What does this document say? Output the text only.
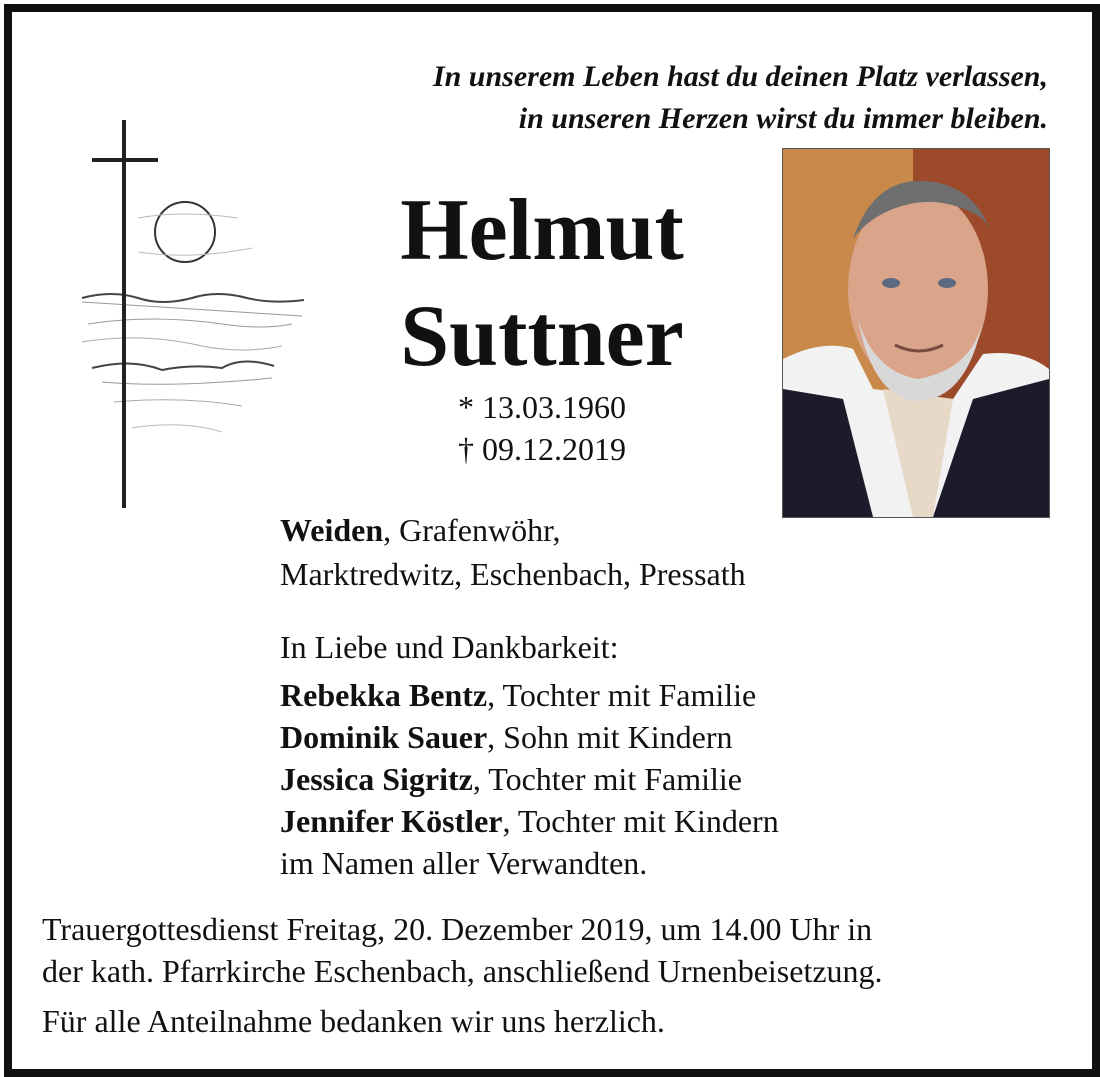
In unserem Leben hast du deinen Platz verlassen,
in unseren Herzen wirst du immer bleiben.
Helmut
Suttner
* 13.03.1960
† 09.12.2019
Weiden, Grafenwöhr,
Marktredwitz, Eschenbach, Pressath
In Liebe und Dankbarkeit:
Rebekka Bentz, Tochter mit Familie
Dominik Sauer, Sohn mit Kindern
Jessica Sigritz, Tochter mit Familie
Jennifer Köstler, Tochter mit Kindern
im Namen aller Verwandten.
Trauergottesdienst Freitag, 20. Dezember 2019, um 14.00 Uhr in
der kath. Pfarrkirche Eschenbach, anschließend Urnenbeisetzung.
Für alle Anteilnahme bedanken wir uns herzlich.
